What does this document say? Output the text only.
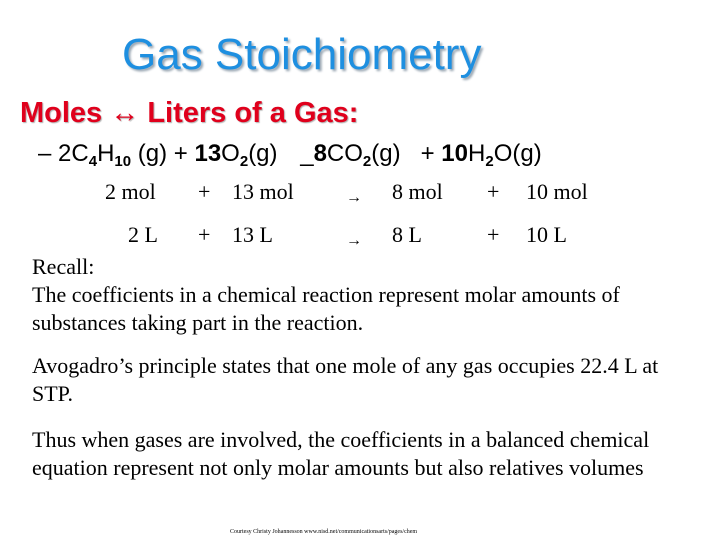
Gas Stoichiometry
Moles ↔ Liters of a Gas:
– $2C_4H_{10}$ $(g) + 13O_2(g)$ $\_8CO_2(g) + 10H_2O(g)$
2 mol + 13 mol	→ 8 mol + 10 mol
2 L + 13 L	→ 8 L	+ 10 L
Recall:
The coefficients in a chemical reaction represent molar amounts of substances taking part in the reaction.
Avogadro’s principle states that one mole of any gas occupies 22.4 L at STP.
Thus when gases are involved, the coefficients in a balanced chemical equation represent not only molar amounts but also relatives volumes
Courtesy Christy Johannesson www.nisd.net/communicationsarts/pages/chem
